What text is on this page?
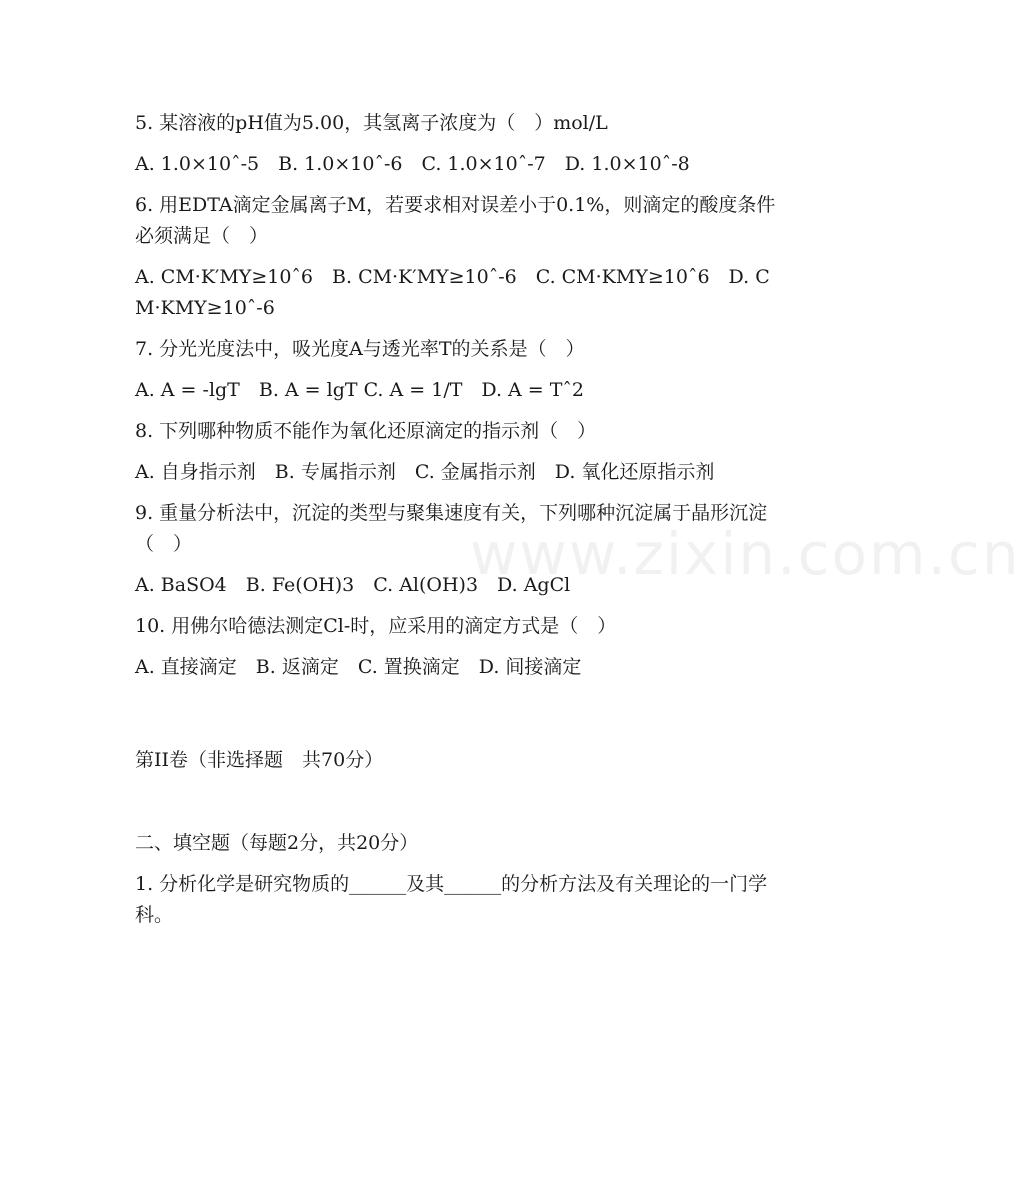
www.zixin.com.cn

5. 某溶液的pH值为5.00，其氢离子浓度为（　）mol/L

A. 1.0×10ˆ-5　B. 1.0×10ˆ-6　C. 1.0×10ˆ-7　D. 1.0×10ˆ-8

6. 用EDTA滴定金属离子M，若要求相对误差小于0.1%，则滴定的酸度条件必须满足（　）

A. CM·K′MY≥10ˆ6　B. CM·K′MY≥10ˆ-6　C. CM·KMY≥10ˆ6　D. CM·KMY≥10ˆ-6

7. 分光光度法中，吸光度A与透光率T的关系是（　）

A. A = -lgT　B. A = lgT C. A = 1/T　D. A = Tˆ2

8. 下列哪种物质不能作为氧化还原滴定的指示剂（　）

A. 自身指示剂　B. 专属指示剂　C. 金属指示剂　D. 氧化还原指示剂

9. 重量分析法中，沉淀的类型与聚集速度有关，下列哪种沉淀属于晶形沉淀（　）

A. BaSO4　B. Fe(OH)3　C. Al(OH)3　D. AgCl

10. 用佛尔哈德法测定Cl-时，应采用的滴定方式是（　）

A. 直接滴定　B. 返滴定　C. 置换滴定　D. 间接滴定

第II卷（非选择题　共70分）

二、填空题（每题2分，共20分）

1. 分析化学是研究物质的______及其______的分析方法及有关理论的一门学科。
